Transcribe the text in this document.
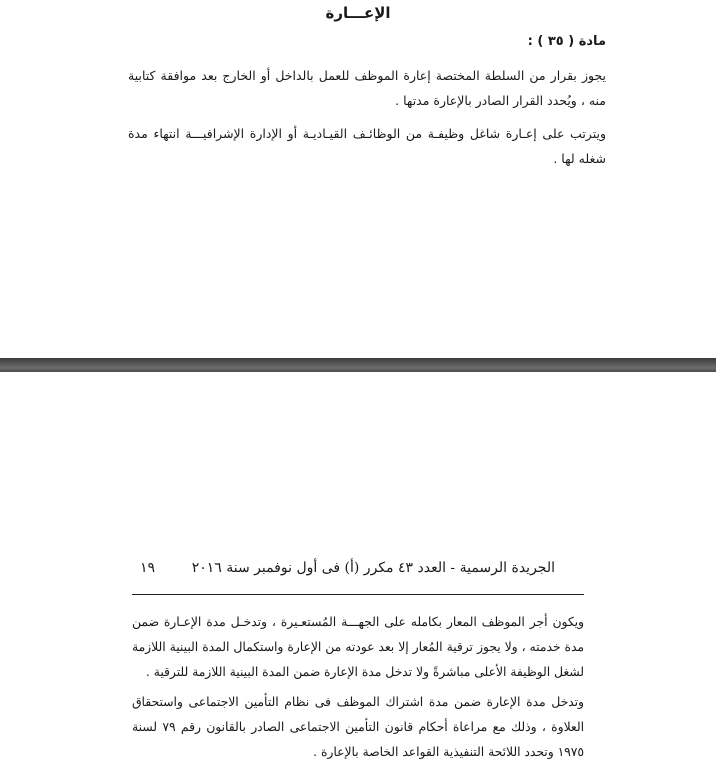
الإعـــارة
مادة ( ٣٥ ) :
يجوز بقرار من السلطة المختصة إعارة الموظف للعمل بالداخل أو الخارج بعد موافقة كتابية منه ، ويُحدد القرار الصادر بالإعارة مدتها .
ويترتب على إعـارة شاغل وظيفـة من الوظائـف القيـاديـة أو الإدارة الإشرافيـــة انتهاء مدة شغله لها .
١٩	الجريدة الرسمية - العدد ٤٣ مكرر (أ) فى أول نوفمبر سنة ٢٠١٦
ويكون أجر الموظف المعار بكامله على الجهـــة المُستعـيرة ، وتدخـل مدة الإعـارة ضمن مدة خدمته ، ولا يجوز ترقية المُعار إلا بعد عودته من الإعارة واستكمال المدة البينية اللازمة لشغل الوظيفة الأعلى مباشرةً ولا تدخل مدة الإعارة ضمن المدة البينية اللازمة للترقية .
وتدخل مدة الإعارة ضمن مدة اشتراك الموظف فى نظام التأمين الاجتماعى واستحقاق العلاوة ، وذلك مع مراعاة أحكام قانون التأمين الاجتماعى الصادر بالقانون رقم ٧٩ لسنة ١٩٧٥ وتحدد اللائحة التنفيذية القواعد الخاصة بالإعارة .
